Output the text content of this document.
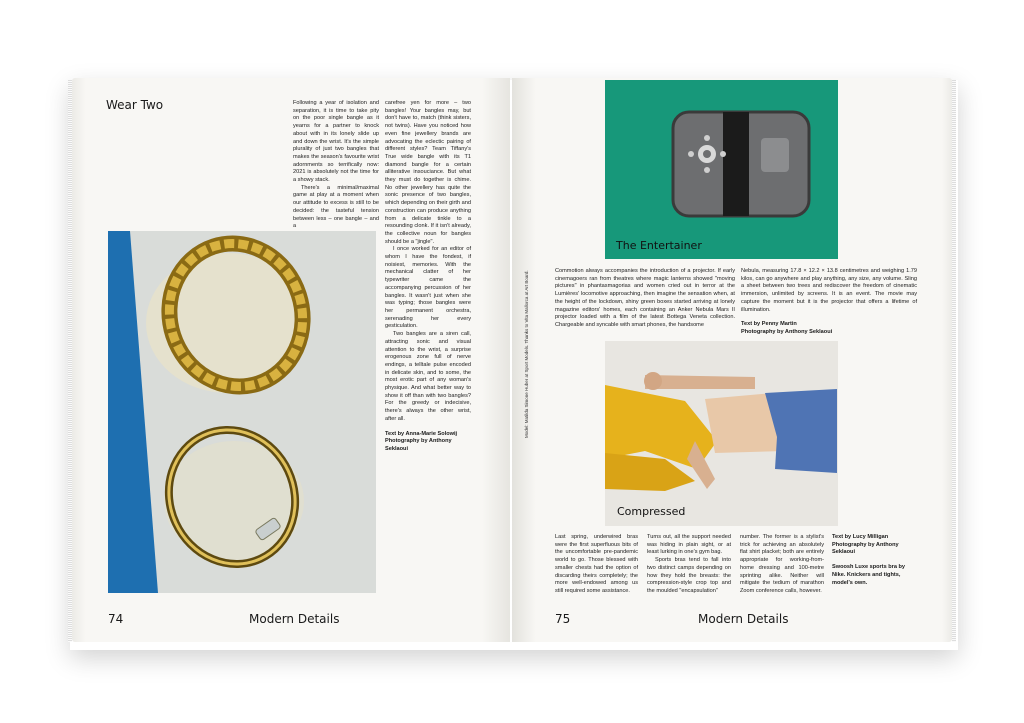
Wear Two	Following a year of isolation and separation, it is time to take pity on the poor single bangle as it yearns for a partner to knock about with in its lonely slide up and down the wrist. It's the simple plurality of just two bangles that makes the season's favourite wrist adornments so terrifically now: 2021 is absolutely not the time for a showy stack.

There's a minimal/maximal game at play at a moment when our attitude to excess is still to be decided: the tasteful tension between less – one bangle – and a

carefree yen for more – two bangles! Your bangles may, but don't have to, match (think sisters, not twins). Have you noticed how even fine jewellery brands are advocating the eclectic pairing of different styles? Team Tiffany's True wide bangle with its T1 diamond bangle for a certain alliterative insouciance. But what they must do together is chime. No other jewellery has quite the sonic presence of two bangles, which depending on their girth and construction can produce anything from a delicate tinkle to a resounding clonk. If it isn't already, the collective noun for bangles should be a "jingle".

I once worked for an editor of whom I have the fondest, if noisiest, memories. With the mechanical clatter of her typewriter came the accompanying percussion of her bangles. It wasn't just when she was typing; those bangles were her permanent orchestra, serenading her every gesticulation.

Two bangles are a siren call, attracting sonic and visual attention to the wrist, a surprise erogenous zone full of nerve endings, a telltale pulse encoded in delicate skin, and to some, the most erotic part of any woman's physique. And what better way to show it off than with two bangles? For the greedy or indecisive, there's always the other wrist, after all.

Text by Anna-Marie Solowij

Photography by Anthony Seklaoui

74	Modern Details
The Entertainer

Commotion always accompanies the introduction of a projector. If early cinemagoers ran from theatres where magic lanterns showed "moving pictures" in phantasmagorias and women cried out in terror at the Lumières' locomotive approaching, then imagine the sensation when, at the height of the lockdown, shiny green boxes started arriving at lonely magazine editors' homes, each containing an Anker Nebula Mars II projector loaded with a film of the latest Bottega Veneta collection. Chargeable and syncable with smart phones, the handsome

Nebula, measuring 17.8 × 12.2 × 13.8 centimetres and weighing 1.79 kilos, can go anywhere and play anything, any size, any volume. Sling a sheet between two trees and rediscover the freedom of cinematic immersion, unlimited by screens. It is an event. The movie may capture the moment but it is the projector that offers a lifetime of illumination.

Text by Penny Martin

Photography by Anthony Seklaoui

Model: Matilda Simone Huber at Sport Models. Thanks to Vita Mallorca at Art Board.
Compressed

Last spring, underwired bras were the first superfluous bits of the uncomfortable pre-pandemic world to go. Those blessed with smaller chests had the option of discarding theirs completely; the more well-endowed among us still required some assistance.

Turns out, all the support needed was hiding in plain sight, or at least lurking in one's gym bag.

Sports bras tend to fall into two distinct camps depending on how they hold the breasts: the compression-style crop top and the moulded "encapsulation"

number. The former is a stylist's trick for achieving an absolutely flat shirt placket; both are entirely appropriate for working-from-home dressing and 100-metre sprinting alike. Neither will mitigate the tedium of marathon Zoom conference calls, however.

Text by Lucy Milligan

Photography by Anthony Seklaoui

Swoosh Luxe sports bra by Nike. Knickers and tights, model's own.

75	Modern Details
